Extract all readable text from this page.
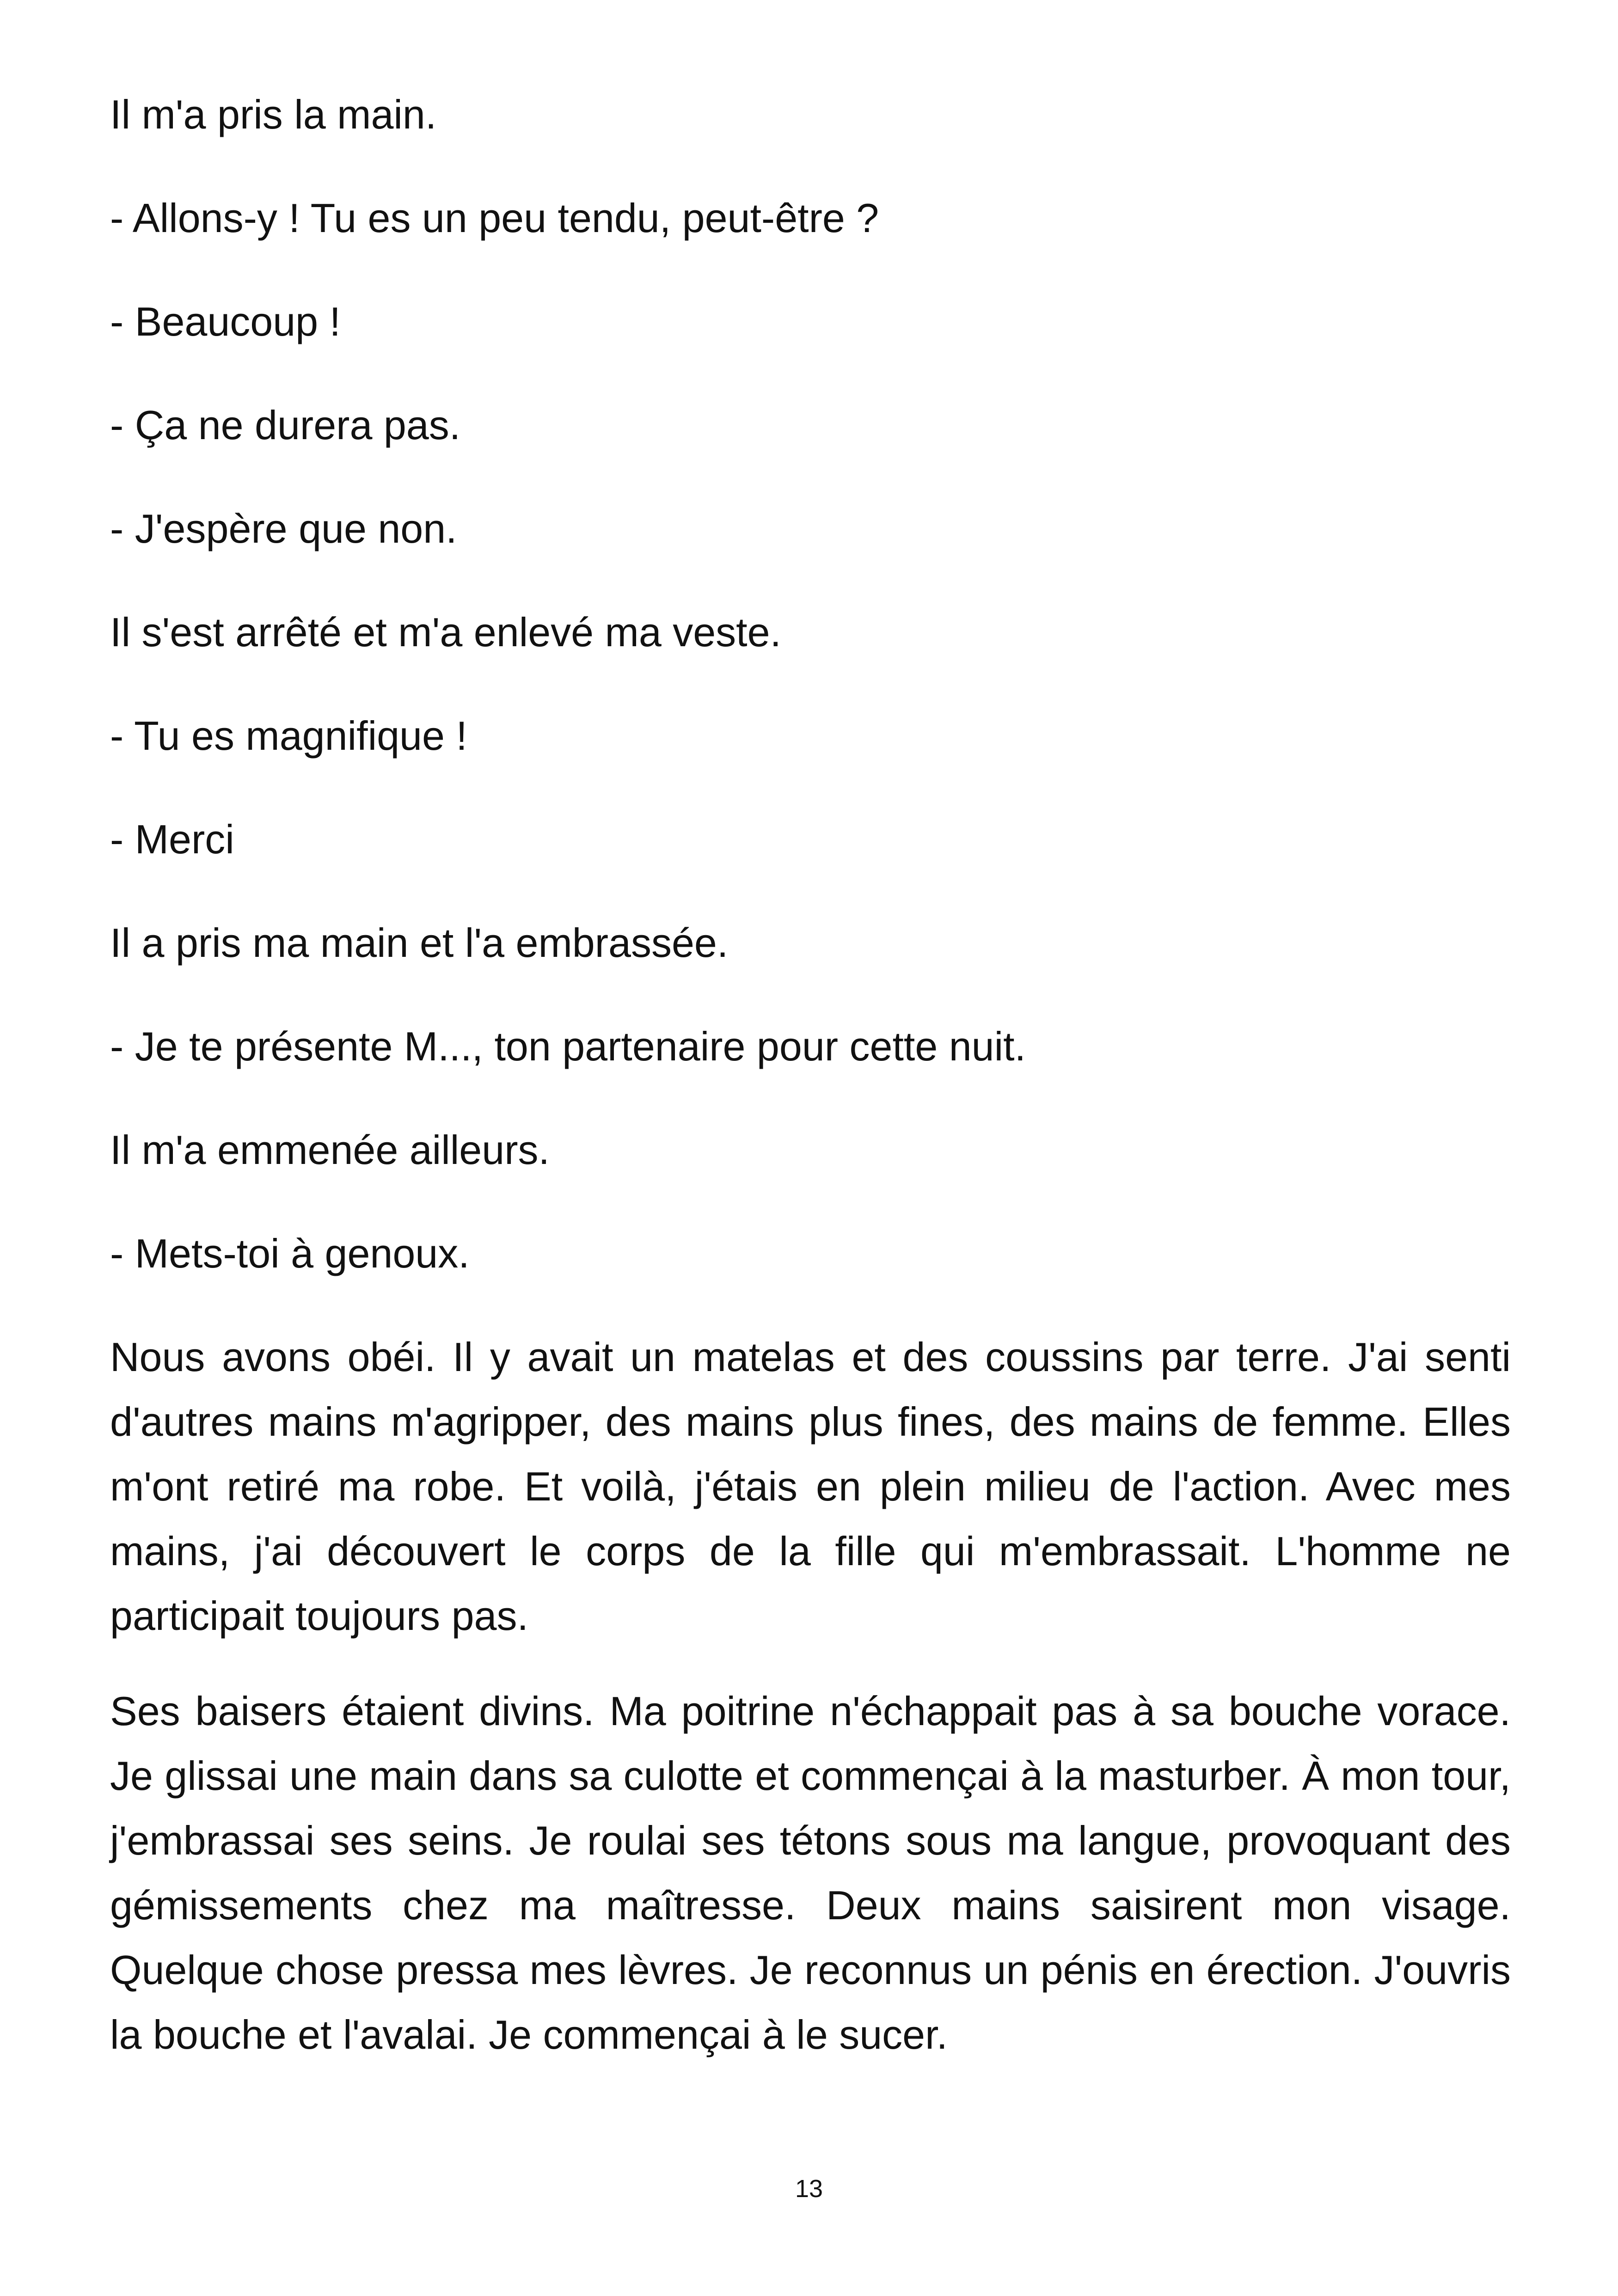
Il m'a pris la main.

- Allons-y ! Tu es un peu tendu, peut-être ?

- Beaucoup !

- Ça ne durera pas.

- J'espère que non.

Il s'est arrêté et m'a enlevé ma veste.

- Tu es magnifique !

- Merci

Il a pris ma main et l'a embrassée.

- Je te présente M..., ton partenaire pour cette nuit.

Il m'a emmenée ailleurs.

- Mets-toi à genoux.

Nous avons obéi. Il y avait un matelas et des coussins par terre. J'ai senti d'autres mains m'agripper, des mains plus fines, des mains de femme. Elles m'ont retiré ma robe. Et voilà, j'étais en plein milieu de l'action. Avec mes mains, j'ai découvert le corps de la fille qui m'embrassait. L'homme ne participait toujours pas.

Ses baisers étaient divins. Ma poitrine n'échappait pas à sa bouche vorace. Je glissai une main dans sa culotte et commençai à la masturber. À mon tour, j'embrassai ses seins. Je roulai ses tétons sous ma langue, provoquant des gémissements chez ma maîtresse. Deux mains saisirent mon visage. Quelque chose pressa mes lèvres. Je reconnus un pénis en érection. J'ouvris la bouche et l'avalai. Je commençai à le sucer.

13
